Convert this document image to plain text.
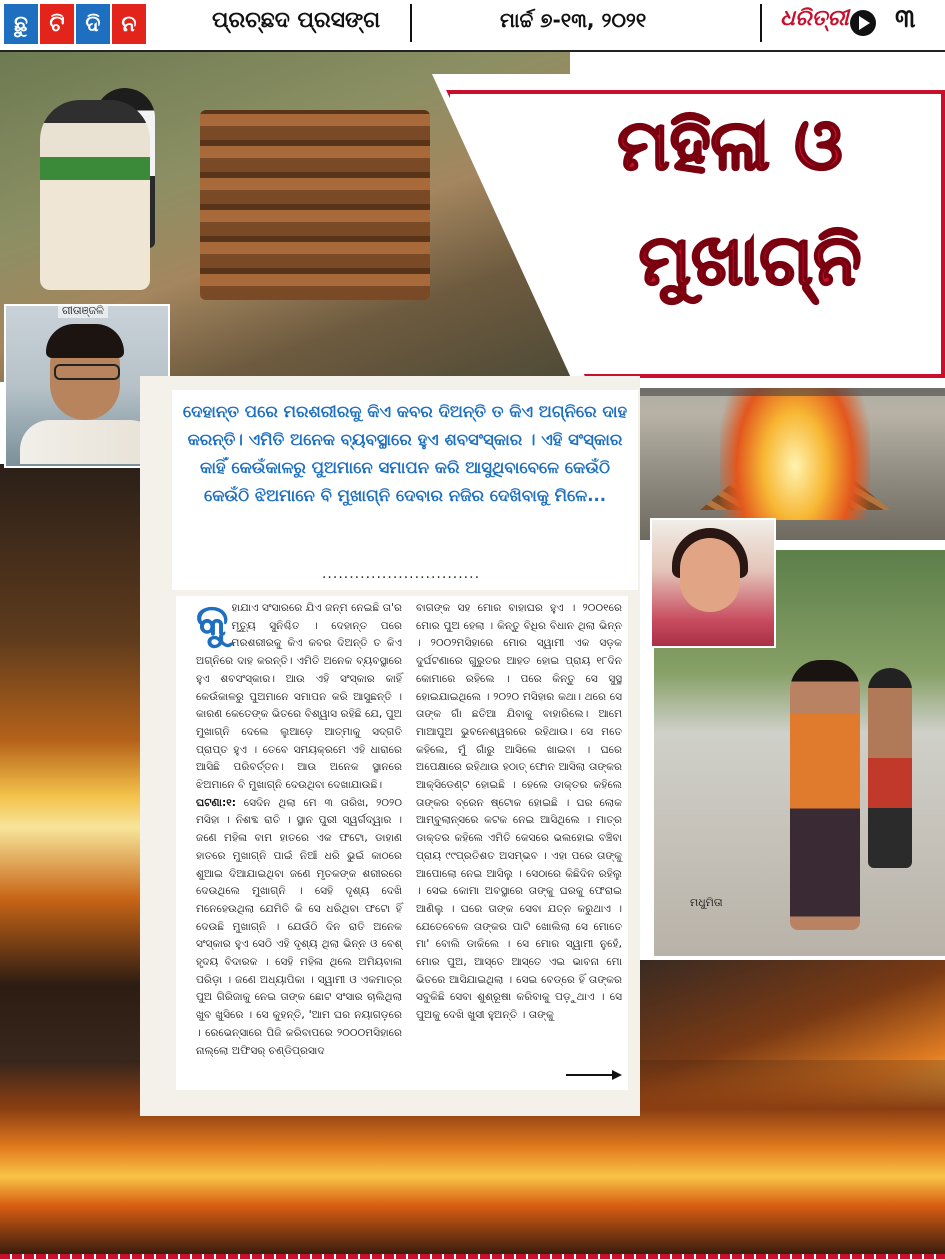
ଛୁ ଟି ଦି ନ	ପ୍ରଚ୍ଛଦ ପ୍ରସଙ୍ଗ	ମାର୍ଚ୍ଚ ୭-୧୩, ୨୦୨୧	ଧରିତ୍ରୀ ୩
ଗୀତାଞ୍ଜଳି
ମଧୁମିତା
ମହିଳା ଓ
ମୁଖାଗ୍ନି
ଦେହାନ୍ତ ପରେ ମରଶରୀରକୁ କିଏ କବର ଦିଅନ୍ତି ତ କିଏ ଅଗ୍ନିରେ ଦାହ କରନ୍ତି। ଏମିତି ଅନେକ ବ୍ୟବସ୍ଥାରେ ହୁଏ ଶବସଂସ୍କାର । ଏହି ସଂସ୍କାର କାହିଁ କେଉଁକାଳରୁ ପୁଅମାନେ ସମାପନ କରି ଆସୁଥିବାବେଳେ କେଉଁଠି କେଉଁଠି ଝିଅମାନେ ବି ମୁଖାଗ୍ନି ଦେବାର ନଜିର ଦେଖିବାକୁ ମିଳେ...
.............................
କୁହାଯାଏ ସଂସାରରେ ଯିଏ ଜନ୍ମ ନେଇଛି ତା'ର ମୃତ୍ୟୁ ସୁନିଶ୍ଚିତ । ଦେହାନ୍ତ ପରେ ମରଶରୀରକୁ କିଏ କବର ଦିଅନ୍ତି ତ କିଏ ଅଗ୍ନିରେ ଦାହ କରନ୍ତି। ଏମିତି ଅନେକ ବ୍ୟବସ୍ଥାରେ ହୁଏ ଶବସଂସ୍କାର। ଆଉ ଏହି ସଂସ୍କାର କାହିଁ କେଉଁକାଳରୁ ପୁଅମାନେ ସମାପନ କରି ଆସୁଛନ୍ତି । କାରଣ କେତେଙ୍କ ଭିତରେ ବିଶ୍ୱାସ ରହିଛି ଯେ, ପୁଅ ମୁଖାଗ୍ନି ଦେଲେ ଲୁଆଡ଼େ ଆତ୍ମାକୁ ସଦ୍‌ଗତି ପ୍ରାପ୍ତ ହୁଏ । ତେବେ ସମୟକ୍ରମେ ଏହି ଧାରାରେ ଆସିଛି ପରିବର୍ତ୍ତନ। ଆଉ ଅନେକ ସ୍ଥାନରେ ଝିଅମାନେ ବି ମୁଖାଗ୍ନି ଦେଉଥିବା ଦେଖାଯାଉଛି।
ଘଟଣା:୧: ସେଦିନ ଥିଲା ମେ ୩ ତାରିଖ, ୨୦୨୦ ମସିହା । ନିଶବ୍ଦ ରାତି । ସ୍ଥାନ ପୁରୀ ସ୍ୱର୍ଗଦ୍ୱାର । ଜଣେ ମହିଳା ବାମ ହାତରେ ଏକ ଫଟୋ, ଡାହାଣ ହାତରେ ମୁଖାଗ୍ନି ପାଇଁ ନିଆଁ ଧରି ଭୁଇଁ କାଠରେ ଶୁଆଇ ଦିଆଯାଇଥିବା ଜଣେ ମୃତକଙ୍କ ଶରୀରରେ ଦେଉଥିଲେ ମୁଖାଗ୍ନି । ସେହି ଦୃଶ୍ୟ ଦେଖି ମନେହେଉଥିଲା ଯେମିତି କି ସେ ଧରିଥିବା ଫଟୋ ହିଁ ଦେଉଛି ମୁଖାଗ୍ନି । ଯେଉଁଠି ଦିନ ରାତି ଅନେକ ସଂସ୍କାର ହୁଏ ସେଠି ଏହି ଦୃଶ୍ୟ ଥିଲା ଭିନ୍ନ ଓ ବେଶ୍ ହୃଦୟ ବିଦାରକ । ସେହି ମହିଳା ଥିଲେ ଅମିୟବାଳା ପରିଡ଼ା । ଜଣେ ଅଧ୍ୟାପିକା । ସ୍ୱାମୀ ଓ ଏକମାତ୍ର ପୁଅ ଗିରିଜାକୁ ନେଇ ତାଙ୍କ ଛୋଟ ସଂସାର ଚାଲିଥିଲା ଖୁବ ଖୁସିରେ । ସେ କୁହନ୍ତି, 'ଆମ ଘର ନୟାଗଡ଼ରେ । ରେଭେନ୍ସାରେ ପିଜି କରିବାପରେ ୨୦୦୦ମସିହାରେ ନାଲ୍ଲୋ ଅଫିସର୍ ଚଣ୍ଡିପ୍ରସାଦ
ବାଗଙ୍କ ସହ ମୋର ବାହାଘର ହୁଏ । ୨୦୦୧ରେ ମୋର ପୁଅ ହେଲା । କିନ୍ତୁ ବିଧିର ବିଧାନ ଥିଲା ଭିନ୍ନ । ୨୦୦୨ମସିହାରେ ମୋର ସ୍ୱାମୀ ଏକ ସଡ଼କ ଦୁର୍ଘଟଣାରେ ଗୁରୁତର ଆହତ ହୋଇ ପ୍ରାୟ ୧୮ଦିନ କୋମାରେ ରହିଲେ । ପରେ କିନ୍ତୁ ସେ ସୁସ୍ଥ ହୋଇଯାଇଥିଲେ । ୨୦୨୦ ମସିହାର କଥା। ଥରେ ସେ ତାଙ୍କ ଗାଁ ଛତିଆ ଯିବାକୁ ବାହାରିଲେ। ଆମେ ମାଆପୁଅ ଭୁବନେଶ୍ୱରରେ ରହିଥାଉ। ସେ ମତେ କହିଲେ, ମୁଁ ଗାଁରୁ ଆସିଲେ ଖାଇବା । ଘରେ ଅପେକ୍ଷାରେ ରହିଥାଉ ହଠାତ୍ ଫୋନ ଆସିଲା ତାଙ୍କର ଆକ୍ସିଡେଣ୍ଟ ହୋଇଛି । ହେଲେ ଡାକ୍ତର କହିଲେ ତାଙ୍କର ବ୍ରେନ ଷ୍ଟୋକ ହୋଇଛି । ଘର ଲୋକ ଆମ୍ବୁଲାନ୍ସରେ କଟକ ନେଇ ଆସିଥିଲେ । ମାତ୍ର ଡାକ୍ତର କହିଲେ ଏମିତି କେସରେ ଭଲହୋଇ ବଞ୍ଚିବା ପ୍ରାୟ ୯୯ପ୍ରତିଶତ ଅସମ୍ଭବ । ଏହା ପରେ ତାଙ୍କୁ ଆପୋଲୋ ନେଇ ଆସିଲୁ । ସେଠାରେ କିଛିଦିନ ରହିଲୁ । ସେଇ କୋମା ଅବସ୍ଥାରେ ତାଙ୍କୁ ଘରକୁ ଫେରାଇ ଆଣିଲୁ । ଘରେ ତାଙ୍କ ସେବା ଯତ୍ନ କରୁଥାଏ । ଯେତେବେଳେ ତାଙ୍କର ପାଟି ଖୋଲିଲା ସେ ମୋତେ ମା' ବୋଲି ଡାକିଲେ । ସେ ମୋର ସ୍ୱାମୀ ନୁହେଁ, ମୋର ପୁଅ, ଆସ୍ତେ ଆସ୍ତେ ଏଇ ଭାବନା ମୋ ଭିତରେ ଆସିଯାଇଥିଲା । ସେଇ ବେଡ୍‌ରେ ହିଁ ତାଙ୍କର ସବୁକିଛି ସେବା ଶୁଶ୍ରୂଷା କରିବାକୁ ପଡ଼ୁଥାଏ । ସେ ପୁଅକୁ ଦେଖି ଖୁସୀ ହୁଅନ୍ତି । ତାଙ୍କୁ
